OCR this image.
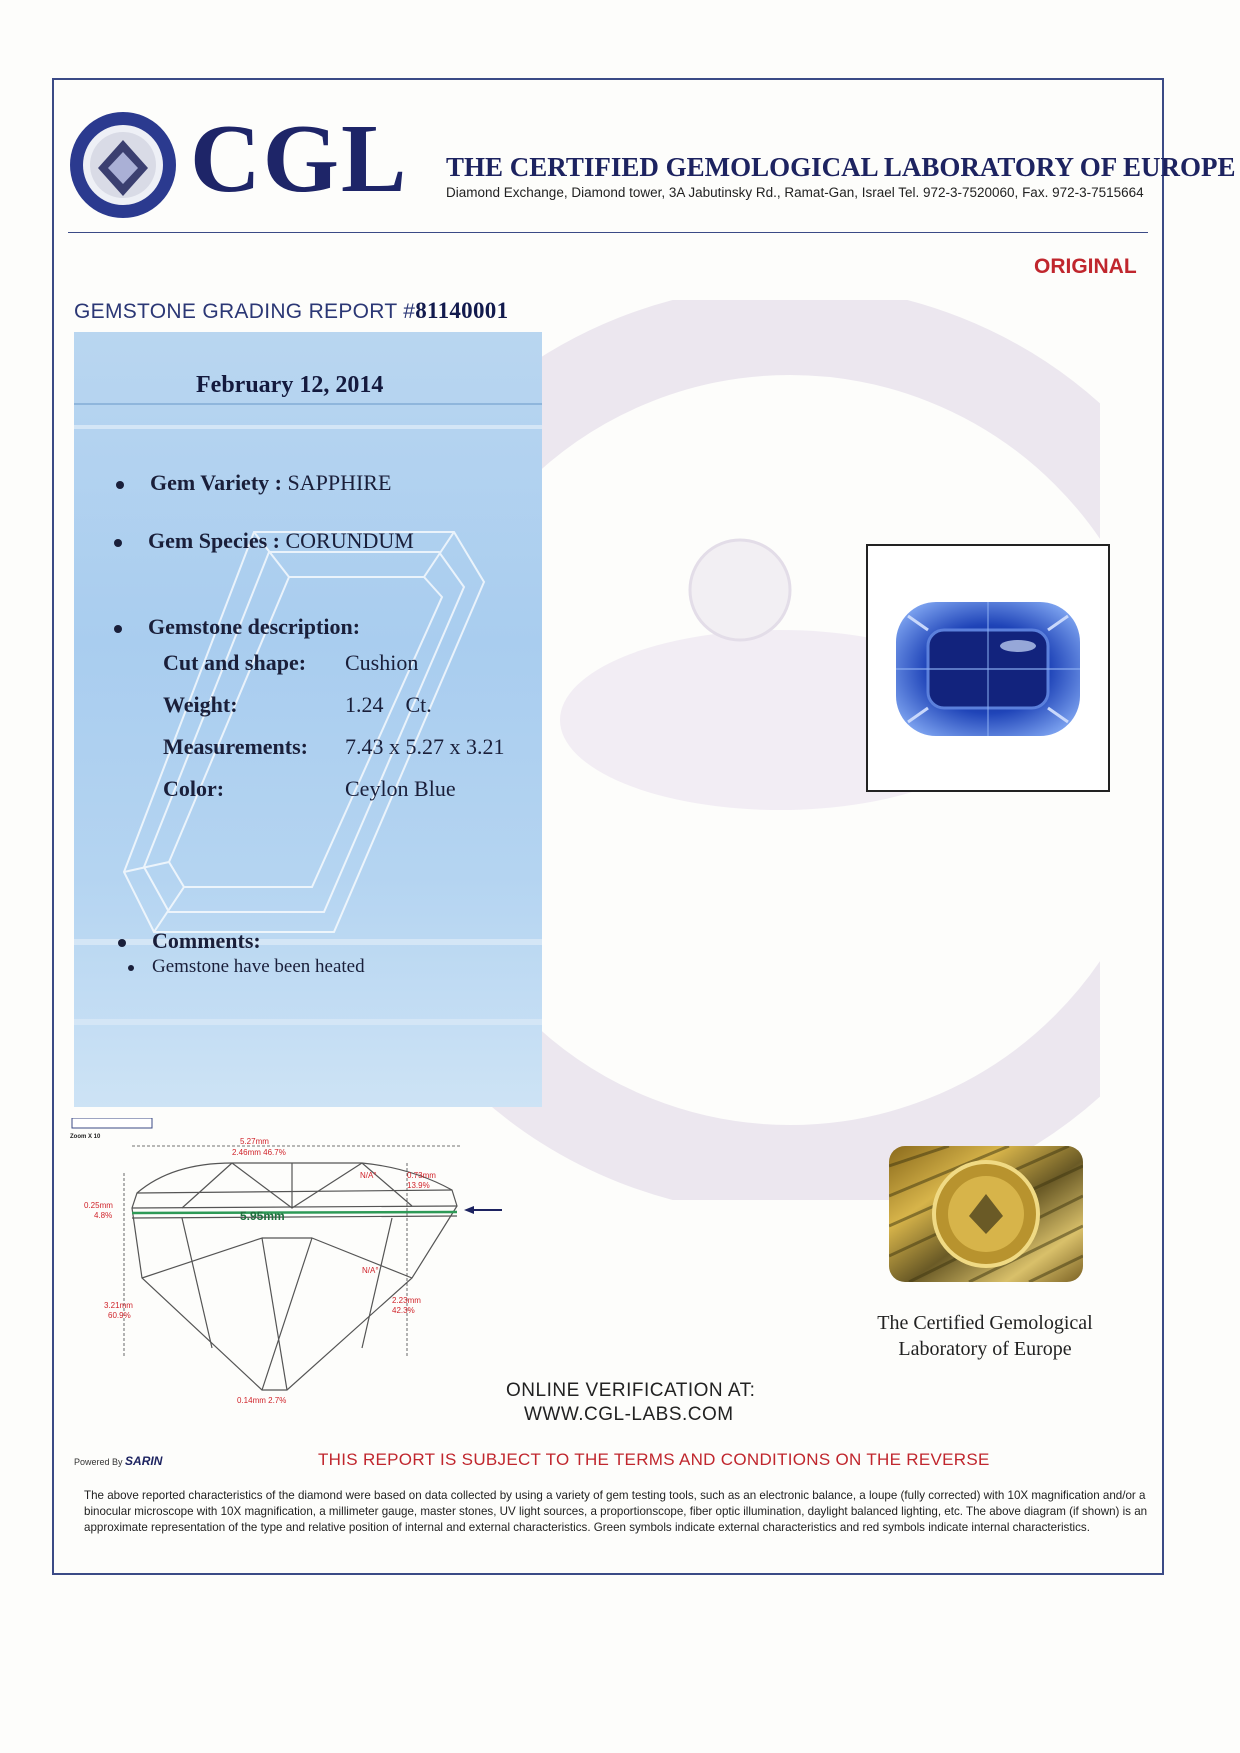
CGL THE CERTIFIED GEMOLOGICAL LABORATORY OF EUROPE
Diamond Exchange, Diamond tower, 3A Jabutinsky Rd., Ramat-Gan, Israel Tel. 972-3-7520060, Fax. 972-3-7515664
ORIGINAL
GEMSTONE GRADING REPORT #81140001
February 12, 2014
Gem Variety : SAPPHIRE
Gem Species : CORUNDUM
Gemstone description:
Cut and shape: Cushion
Weight:	1.24 Ct.
Measurements: 7.43 x 5.27 x 3.21
Color:	Ceylon Blue
Comments:
Gemstone have been heated
Zoom X 10	5.27mm
2.46mm 46.7%
N/A°	0.73mm
13.9%
0.25mm
4.8%
N/A°
3.21mm
60.9%
2.23mm
42.3%
0.14mm 2.7%
5.95mm
ONLINE VERIFICATION AT:
WWW.CGL-LABS.COM
The Certified Gemological
Laboratory of Europe
Powered By SARIN	THIS REPORT IS SUBJECT TO THE TERMS AND CONDITIONS ON THE REVERSE
The above reported characteristics of the diamond were based on data collected by using a variety of gem testing tools, such as an electronic balance, a loupe (fully corrected) with 10X magnification and/or a binocular microscope with 10X magnification, a millimeter gauge, master stones, UV light sources, a proportionscope, fiber optic illumination, daylight balanced lighting, etc. The above diagram (if shown) is an approximate representation of the type and relative position of internal and external characteristics. Green symbols indicate external characteristics and red symbols indicate internal characteristics.
